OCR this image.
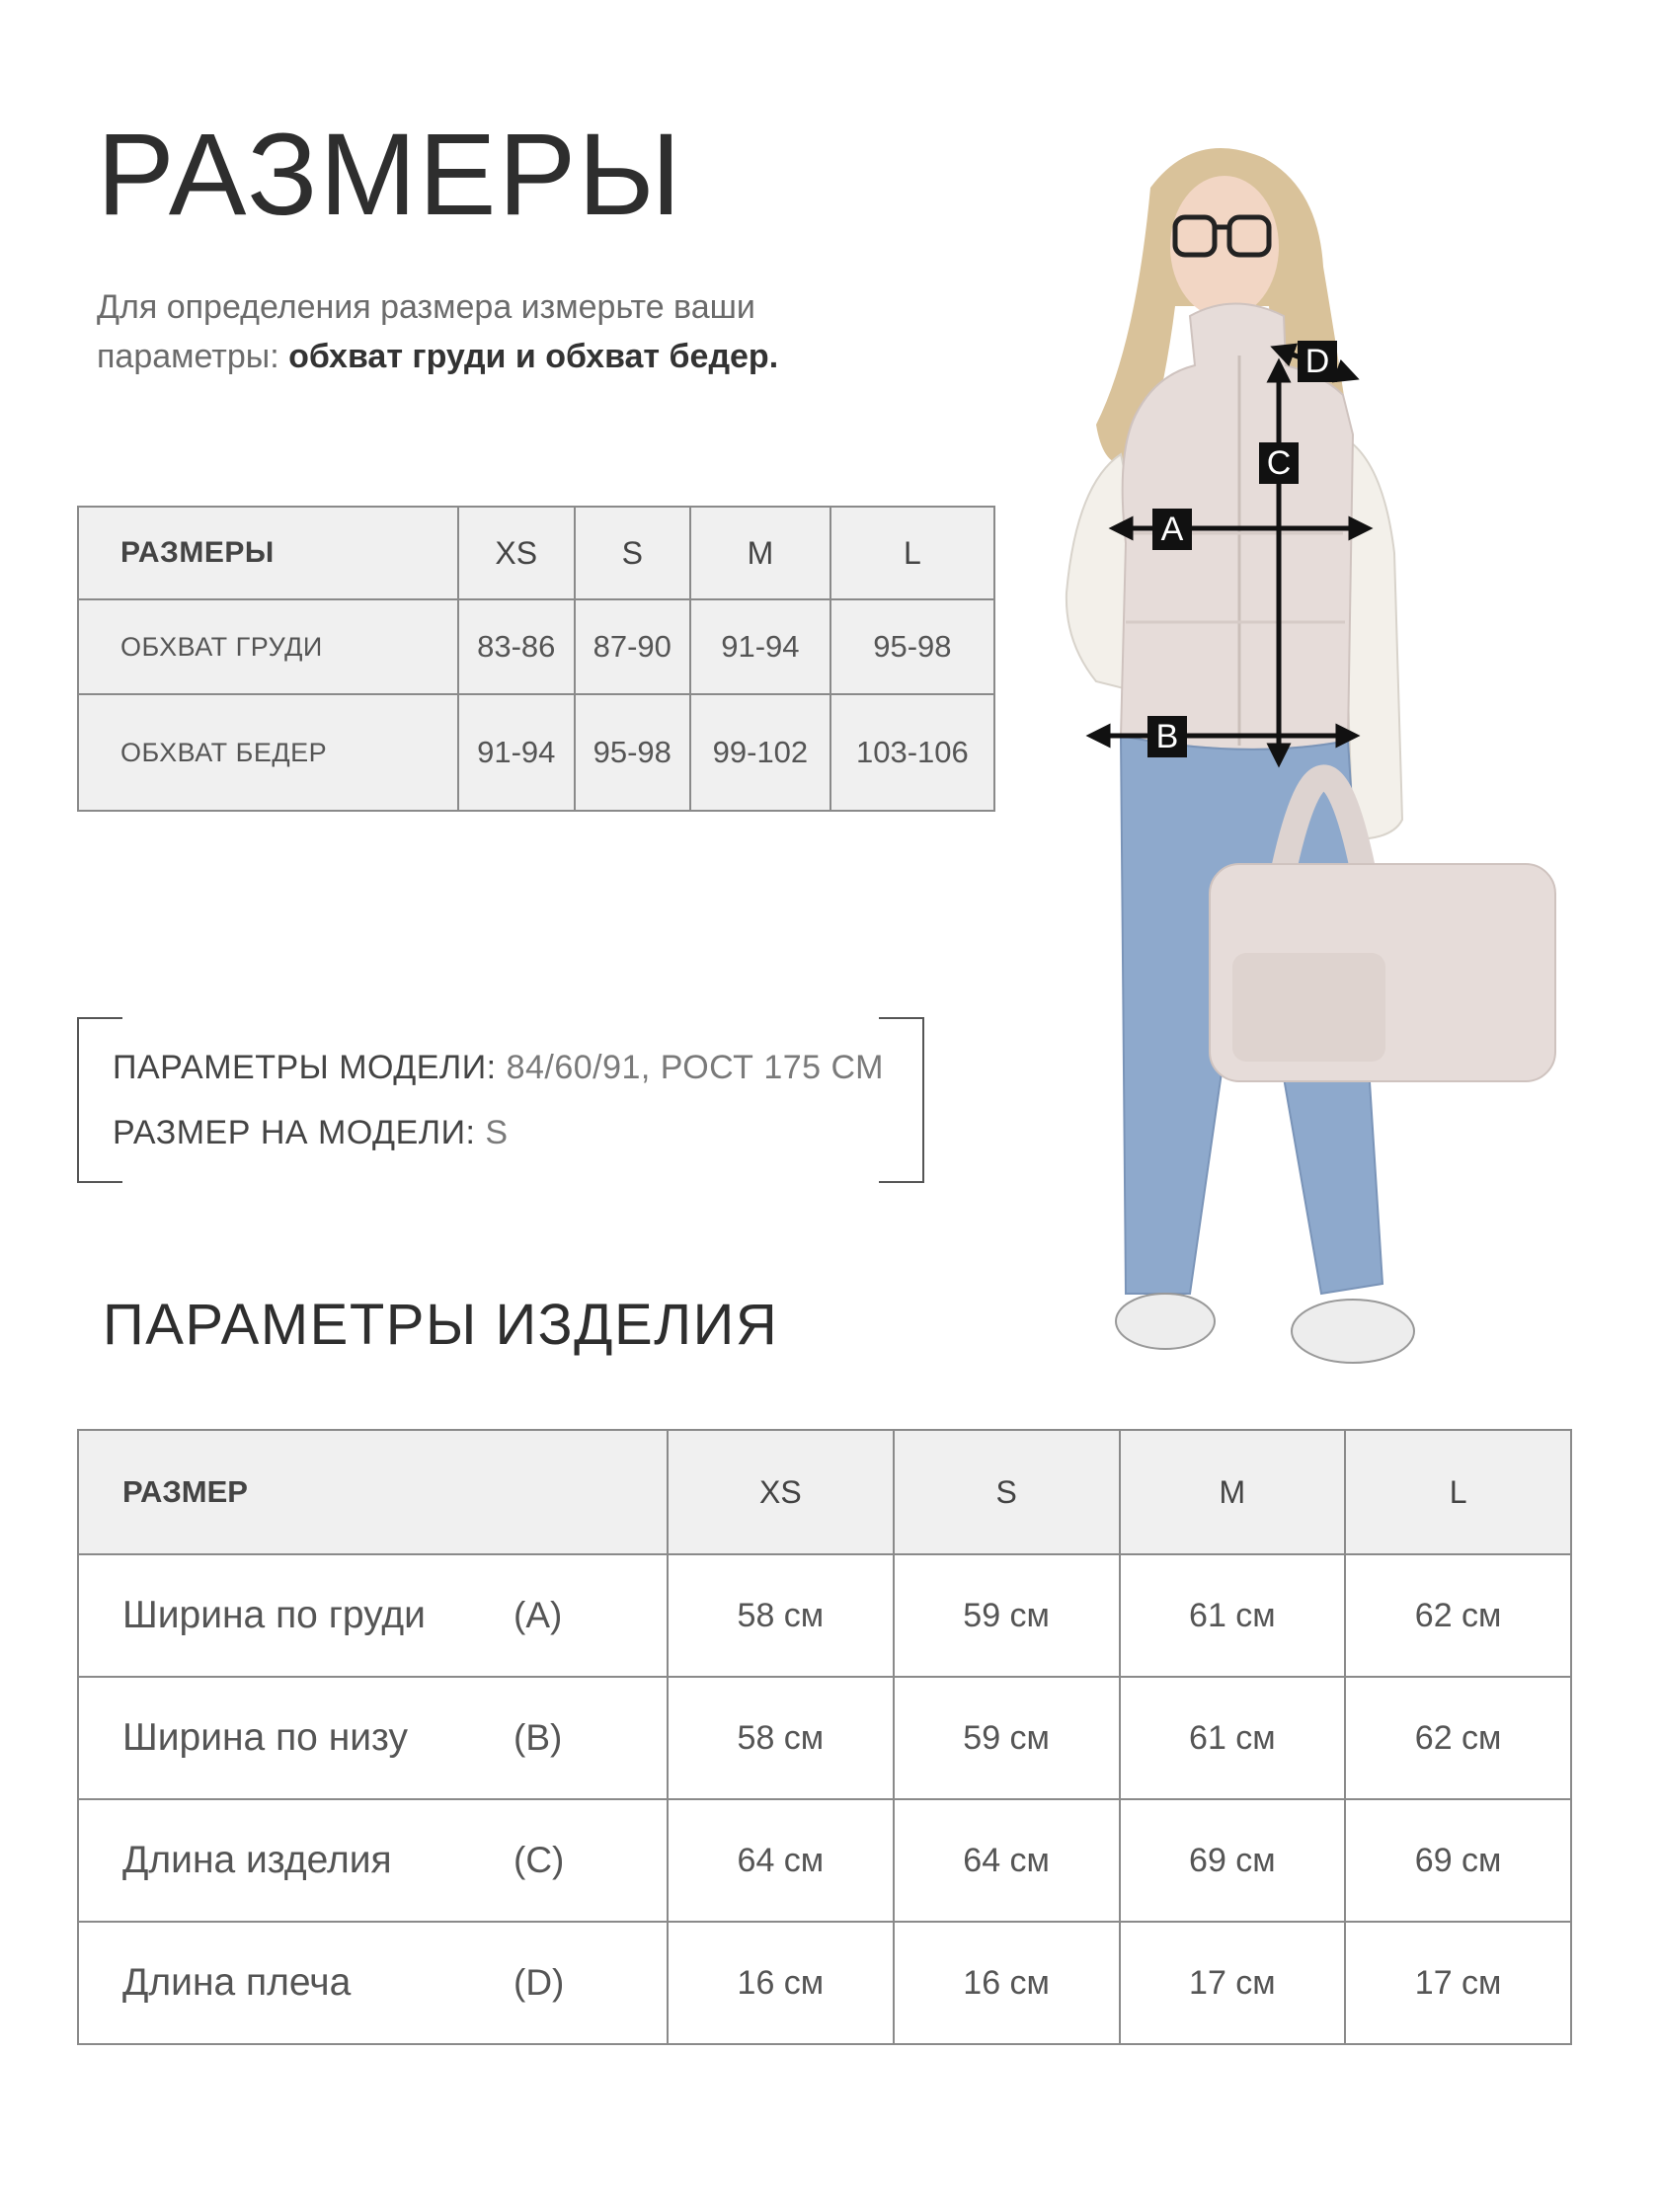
РАЗМЕРЫ
Для определения размера измерьте ваши параметры: обхват груди и обхват бедер.
РАЗМЕРЫ	XS	S	M	L
ОБХВАТ ГРУДИ	83-86	87-90	91-94	95-98
ОБХВАТ БЕДЕР	91-94	95-98	99-102	103-106
ПАРАМЕТРЫ МОДЕЛИ: 84/60/91, РОСТ 175 СМ
РАЗМЕР НА МОДЕЛИ: S
ПАРАМЕТРЫ ИЗДЕЛИЯ
РАЗМЕР	XS	S	M	L
Ширина по груди (A)	58 см	59 см	61 см	62 см
Ширина по низу (B)	58 см	59 см	61 см	62 см
Длина изделия (C)	64 см	64 см	69 см	69 см
Длина плеча (D)	16 см	16 см	17 см	17 см
C
A
B
D
